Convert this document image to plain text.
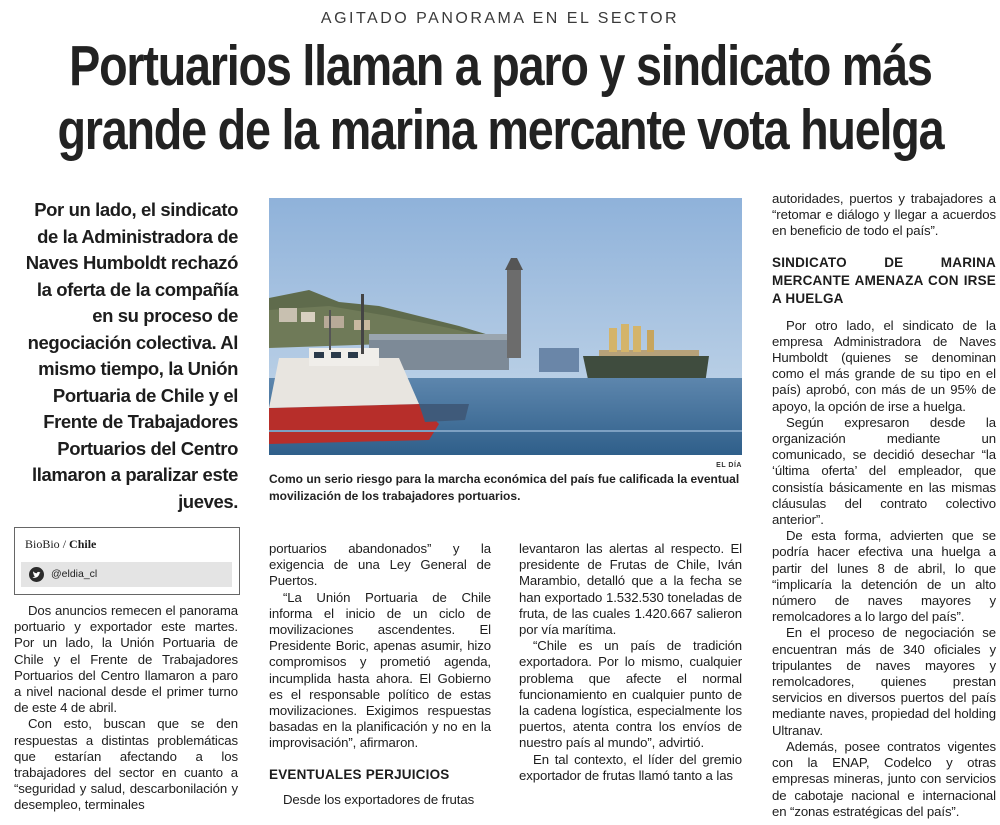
AGITADO PANORAMA EN EL SECTOR
Portuarios llaman a paro y sindicato más
grande de la marina mercante vota huelga
Por un lado, el sindicato de la Administradora de Naves Humboldt rechazó la oferta de la compañía en su proceso de negociación colectiva. Al mismo tiempo, la Unión Portuaria de Chile y el Frente de Trabajadores Portuarios del Centro llamaron a paralizar este jueves.
EL DÍA
Como un serio riesgo para la marcha económica del país fue calificada la eventual movilización de los trabajadores portuarios.
BioBio / Chile
@eldia_cl

Dos anuncios remecen el panorama portuario y exportador este martes. Por un lado, la Unión Portuaria de Chile y el Frente de Trabajadores Portuarios del Centro llamaron a paro a nivel nacional desde el primer turno de este 4 de abril.

Con esto, buscan que se den respuestas a distintas problemáticas que estarían afectando a los trabajadores del sector en cuanto a “seguridad y salud, descarbonilación y desempleo, terminales

portuarios abandonados” y la exigencia de una Ley General de Puertos.

“La Unión Portuaria de Chile informa el inicio de un ciclo de movilizaciones ascendentes. El Presidente Boric, apenas asumir, hizo compromisos y prometió agenda, incumplida hasta ahora. El Gobierno es el responsable político de estas movilizaciones. Exigimos respuestas basadas en la planificación y no en la improvisación”, afirmaron.

EVENTUALES PERJUICIOS

Desde los exportadores de frutas

levantaron las alertas al respecto. El presidente de Frutas de Chile, Iván Marambio, detalló que a la fecha se han exportado 1.532.530 toneladas de fruta, de las cuales 1.420.667 salieron por vía marítima.

“Chile es un país de tradición exportadora. Por lo mismo, cualquier problema que afecte el normal funcionamiento en cualquier punto de la cadena logística, especialmente los puertos, atenta contra los envíos de nuestro país al mundo”, advirtió.

En tal contexto, el líder del gremio exportador de frutas llamó tanto a las

autoridades, puertos y trabajadores a “retomar e diálogo y llegar a acuerdos en beneficio de todo el país”.

SINDICATO DE MARINA MERCANTE AMENAZA CON IRSE A HUELGA

Por otro lado, el sindicato de la empresa Administradora de Naves Humboldt (quienes se denominan como el más grande de su tipo en el país) aprobó, con más de un 95% de apoyo, la opción de irse a huelga.

Según expresaron desde la organización mediante un comunicado, se decidió desechar “la ‘última oferta’ del empleador, que consistía básicamente en las mismas cláusulas del contrato colectivo anterior”.

De esta forma, advierten que se podría hacer efectiva una huelga a partir del lunes 8 de abril, lo que “implicaría la detención de un alto número de naves mayores y remolcadores a lo largo del país”.

En el proceso de negociación se encuentran más de 340 oficiales y tripulantes de naves mayores y remolcadores, quienes prestan servicios en diversos puertos del país mediante naves, propiedad del holding Ultranav.

Además, posee contratos vigentes con la ENAP, Codelco y otras empresas mineras, junto con servicios de cabotaje nacional e internacional en “zonas estratégicas del país”.
